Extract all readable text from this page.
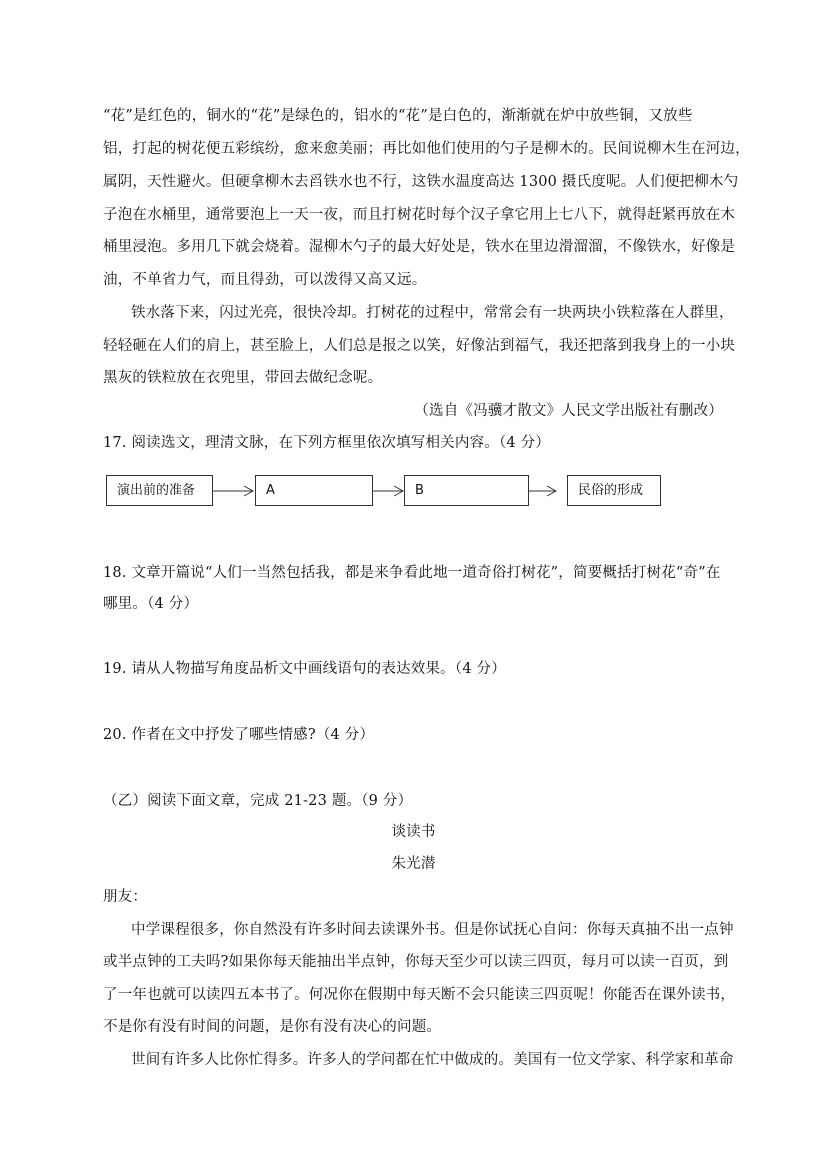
“花”是红色的，铜水的“花”是绿色的，铝水的“花”是白色的，渐渐就在炉中放些铜，又放些
铝，打起的树花便五彩缤纷，愈来愈美丽；再比如他们使用的勺子是柳木的。民间说柳木生在河边，
属阴，天性避火。但硬拿柳木去舀铁水也不行，这铁水温度高达 1300 摄氏度呢。人们便把柳木勺
子泡在水桶里，通常要泡上一天一夜，而且打树花时每个汉子拿它用上七八下，就得赶紧再放在木
桶里浸泡。多用几下就会烧着。湿柳木勺子的最大好处是，铁水在里边滑溜溜，不像铁水，好像是
油，不单省力气，而且得劲，可以泼得又高又远。
铁水落下来，闪过光亮，很快冷却。打树花的过程中，常常会有一块两块小铁粒落在人群里，
轻轻砸在人们的肩上，甚至脸上，人们总是报之以笑，好像沾到福气，我还把落到我身上的一小块
黑灰的铁粒放在衣兜里，带回去做纪念呢。
（选自《冯骥才散文》人民文学出版社有删改）
17. 阅读选文，理清文脉，在下列方框里依次填写相关内容。（4 分）
演出前的准备	A	B	民俗的形成
18. 文章开篇说“人们一当然包括我，都是来争看此地一道奇俗打树花”，简要概括打树花“奇”在
哪里。（4 分）
19. 请从人物描写角度品析文中画线语句的表达效果。（4 分）
20. 作者在文中抒发了哪些情感?（4 分）
（乙）阅读下面文章，完成 21-23 题。（9 分）
谈读书
朱光潜
朋友：
中学课程很多，你自然没有许多时间去读课外书。但是你试抚心自问：你每天真抽不出一点钟
或半点钟的工夫吗?如果你每天能抽出半点钟，你每天至少可以读三四页，每月可以读一百页，到
了一年也就可以读四五本书了。何况你在假期中每天断不会只能读三四页呢！你能否在课外读书，
不是你有没有时间的问题，是你有没有决心的问题。
世间有许多人比你忙得多。许多人的学问都在忙中做成的。美国有一位文学家、科学家和革命
